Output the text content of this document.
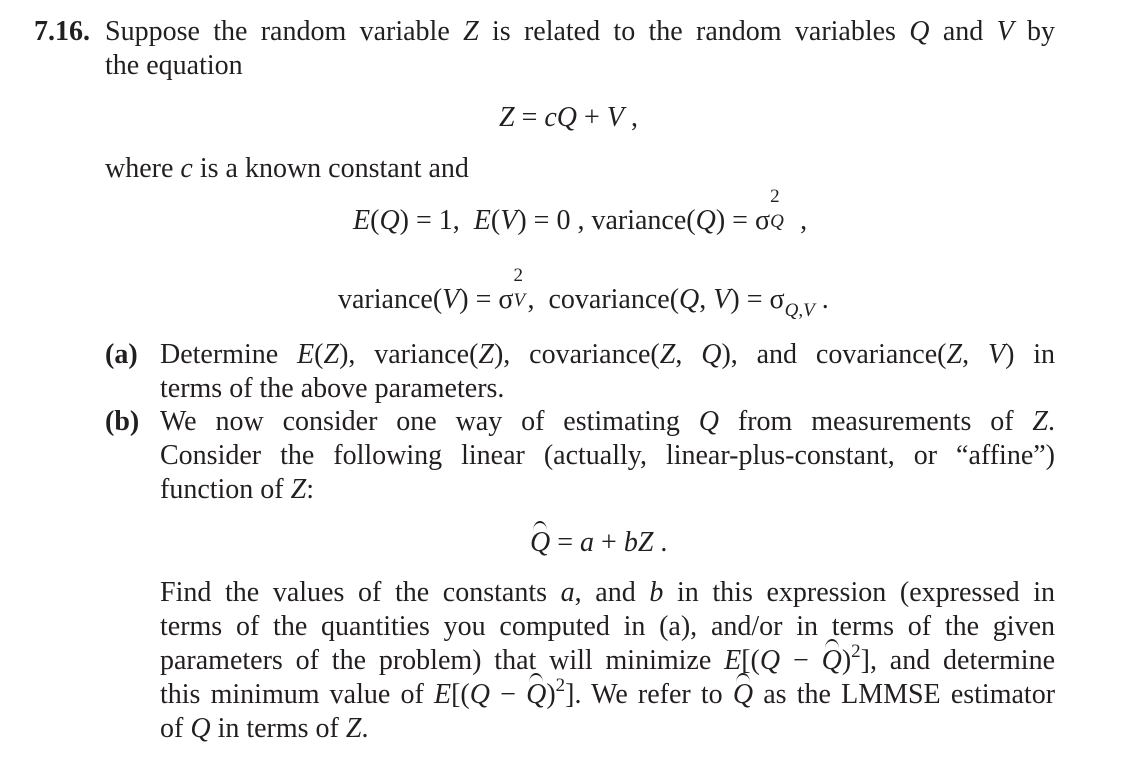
7.16. Suppose the random variable Z is related to the random variables Q and V by
the equation
Z = cQ + V ,
where c is a known constant and
E(Q) = 1,  E(V) = 0 , variance(Q) = σ
2
Q ,
variance(V) = σ
2
V ,  covariance(Q, $V) = \sigma_{Q,V}$ .
(a) Determine E(Z), variance(Z), covariance(Z, Q), and covariance(Z, V) in
terms of the above parameters.
(b) We now consider one way of estimating Q from measurements of Z.
Consider the following linear (actually, linear-plus-constant, or “affine”)
function of Z:
Q = a + bZ .
Find the values of the constants a, and b in this expression (expressed in
terms of the quantities you computed in (a), and/or in terms of the given
parameters of the problem) that will minimize $E[(Q - Q)^2]$, and determine
this minimum value of $E[(Q - Q)^2]$. We refer to Q as the LMMSE estimator
of Q in terms of Z.
